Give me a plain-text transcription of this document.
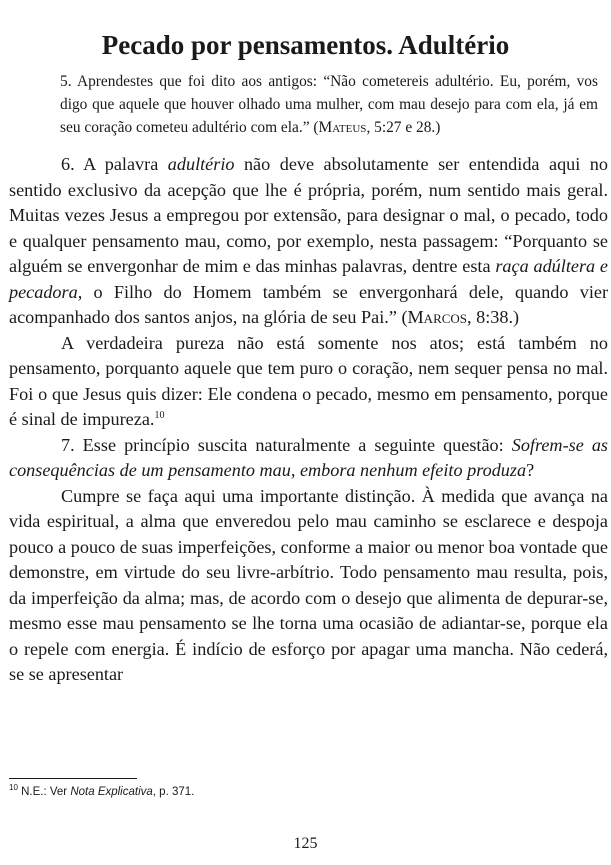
Pecado por pensamentos. Adultério
5. Aprendestes que foi dito aos antigos: “Não cometereis adultério. Eu, porém, vos digo que aquele que houver olhado uma mulher, com mau desejo para com ela, já em seu coração cometeu adultério com ela.” (Mateus, 5:27 e 28.)

6. A palavra adultério não deve absolutamente ser entendida aqui no sentido exclusivo da acepção que lhe é própria, porém, num sentido mais geral. Muitas vezes Jesus a empregou por extensão, para designar o mal, o pecado, todo e qualquer pensamento mau, como, por exemplo, nesta passagem: “Porquanto se alguém se envergonhar de mim e das minhas palavras, dentre esta raça adúltera e pecadora, o Filho do Homem também se envergonhará dele, quando vier acompanhado dos santos anjos, na glória de seu Pai.” (Marcos, 8:38.)

A verdadeira pureza não está somente nos atos; está também no pensamento, porquanto aquele que tem puro o coração, nem sequer pensa no mal. Foi o que Jesus quis dizer: Ele condena o pecado, mesmo em pensamento, porque é sinal de impureza.$^{10}$

7. Esse princípio suscita naturalmente a seguinte questão: Sofrem-se as consequências de um pensamento mau, embora nenhum efeito produza?

Cumpre se faça aqui uma importante distinção. À medida que avança na vida espiritual, a alma que enveredou pelo mau caminho se esclarece e despoja pouco a pouco de suas imperfeições, conforme a maior ou menor boa vontade que demonstre, em virtude do seu livre-arbítrio. Todo pensamento mau resulta, pois, da imperfeição da alma; mas, de acordo com o desejo que alimenta de depurar-se, mesmo esse mau pensamento se lhe torna uma ocasião de adiantar-se, porque ela o repele com energia. É indício de esforço por apagar uma mancha. Não cederá, se se apresentar

$^{10}$ N.E.: Ver Nota Explicativa, p. 371.
125
